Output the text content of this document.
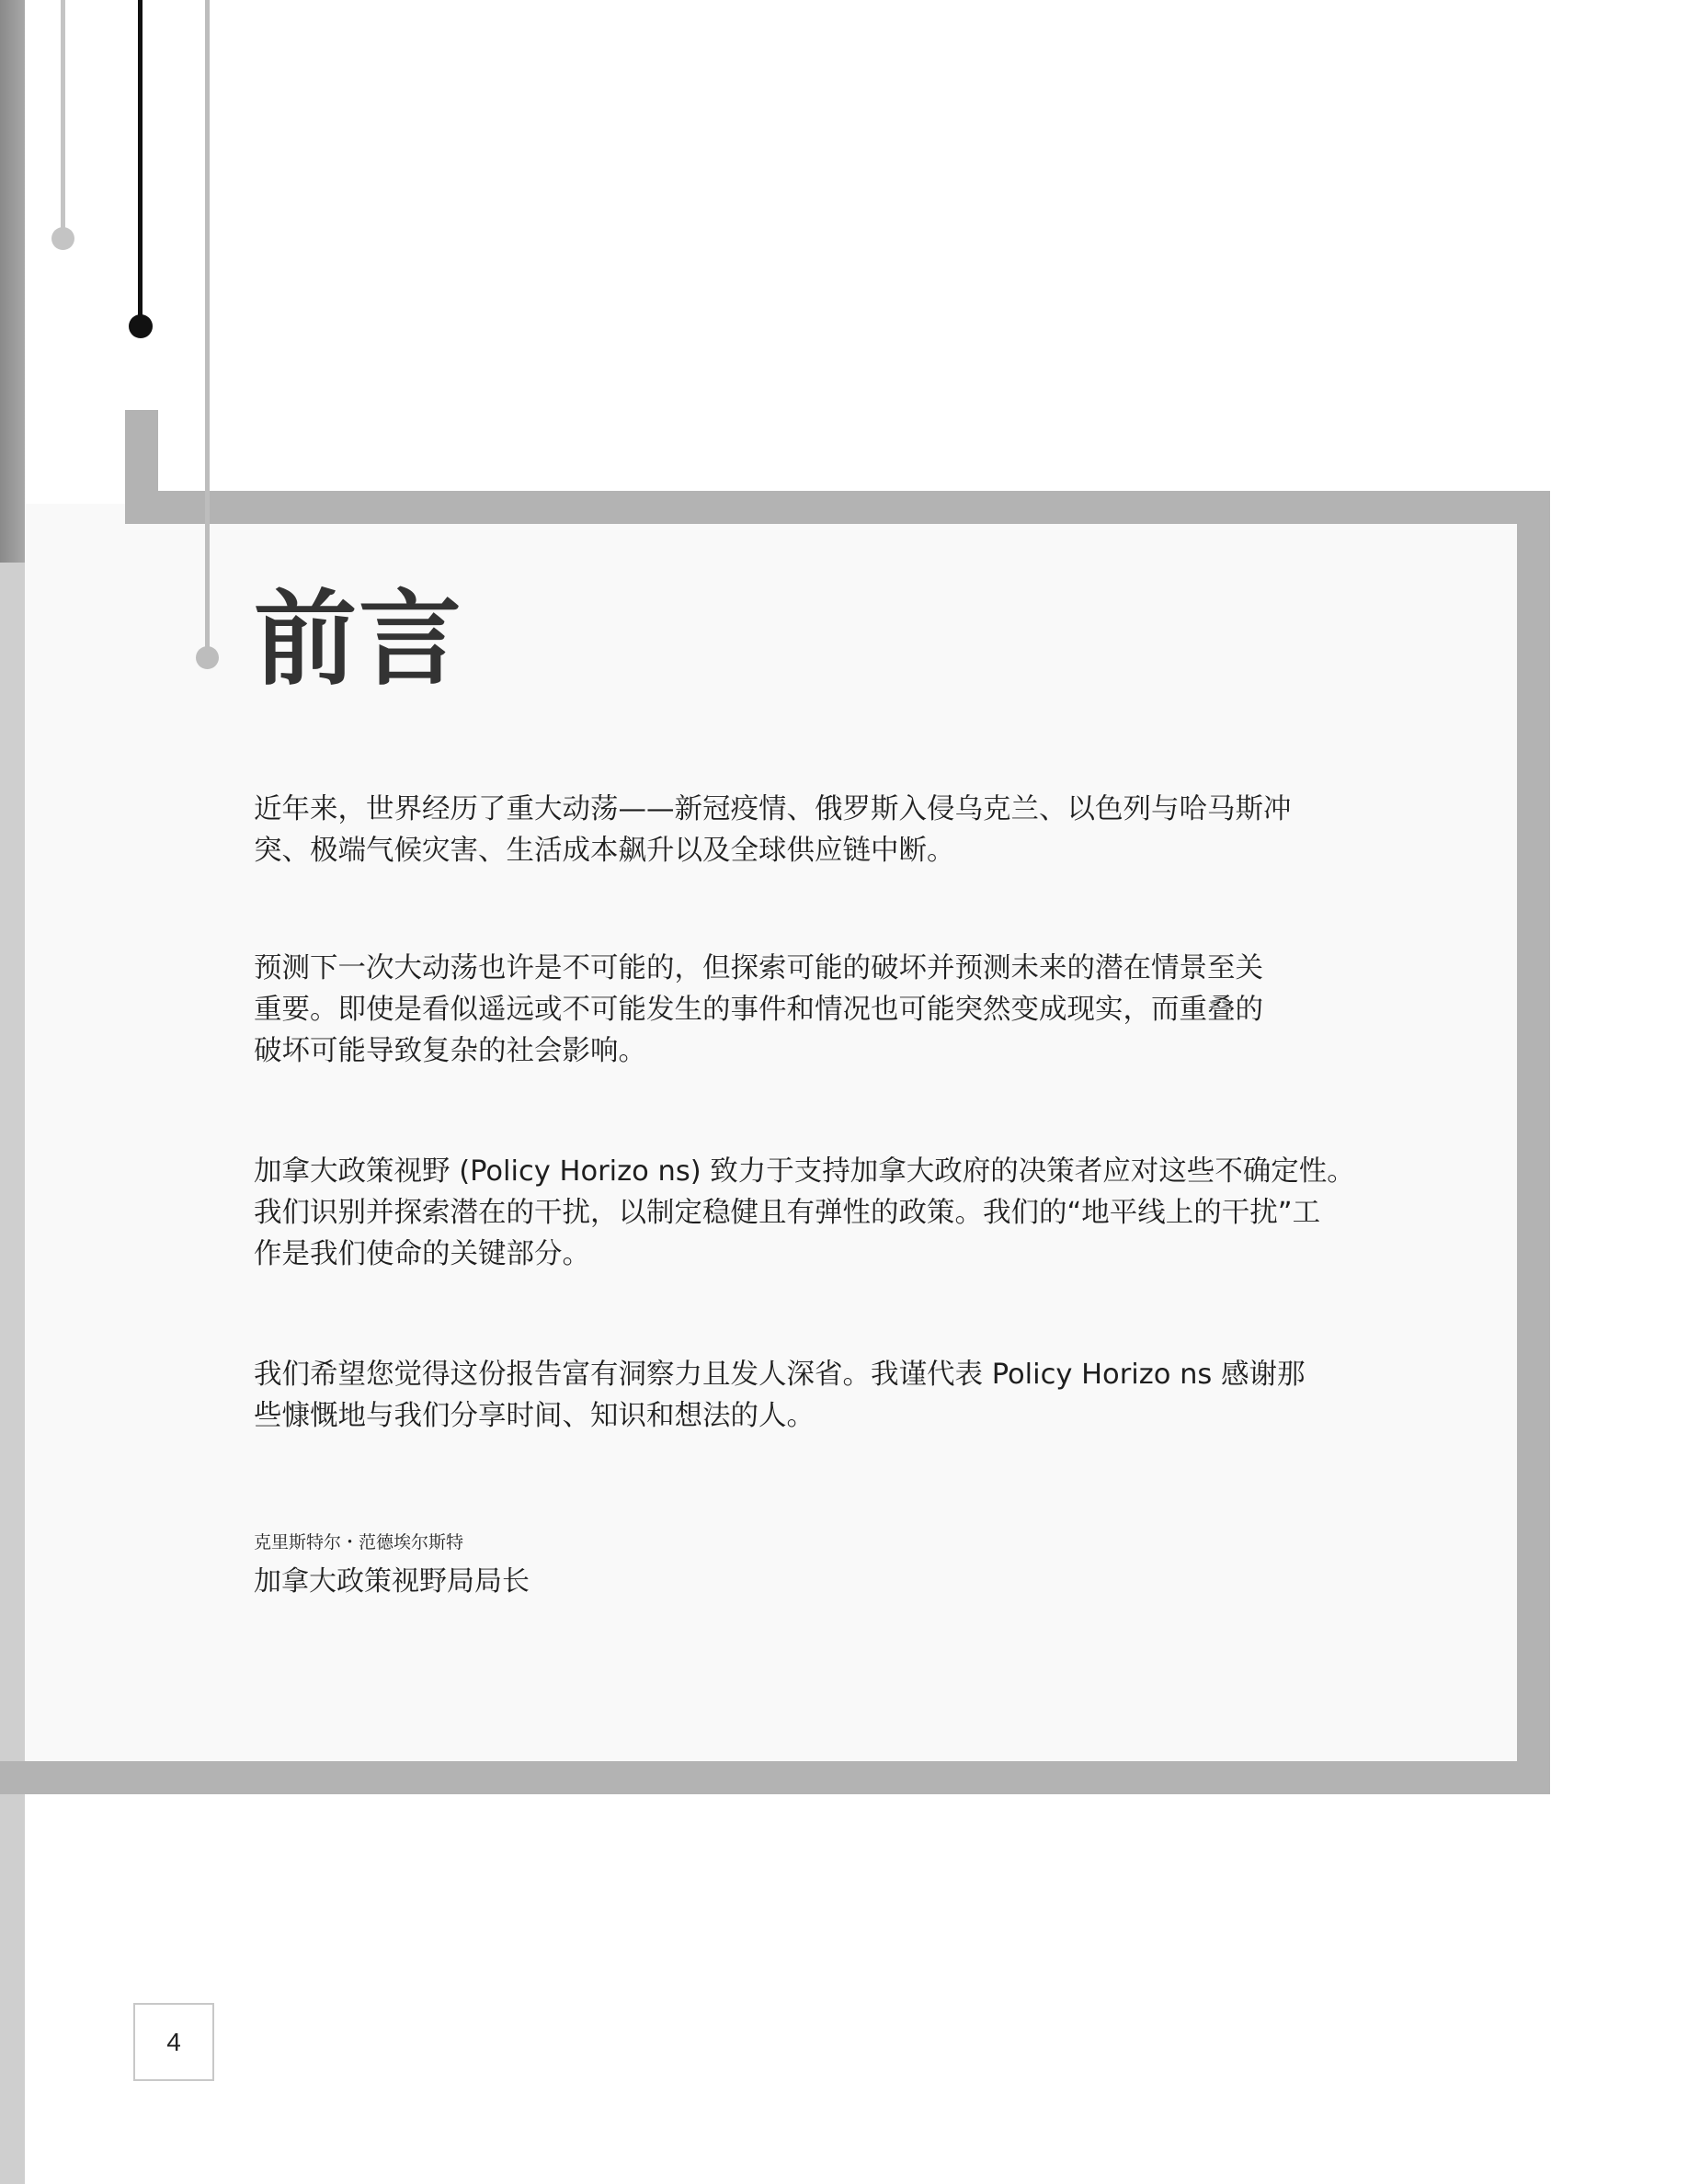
前言

近年来，世界经历了重大动荡——新冠疫情、俄罗斯入侵乌克兰、以色列与哈马斯冲
突、极端气候灾害、生活成本飙升以及全球供应链中断。

预测下一次大动荡也许是不可能的，但探索可能的破坏并预测未来的潜在情景至关
重要。即使是看似遥远或不可能发生的事件和情况也可能突然变成现实，而重叠的
破坏可能导致复杂的社会影响。

加拿大政策视野 (Policy Horizo ns) 致力于支持加拿大政府的决策者应对这些不确定性。
我们识别并探索潜在的干扰，以制定稳健且有弹性的政策。我们的“地平线上的干扰”工
作是我们使命的关键部分。

我们希望您觉得这份报告富有洞察力且发人深省。我谨代表 Policy Horizo ns 感谢那
些慷慨地与我们分享时间、知识和想法的人。

克里斯特尔・范德埃尔斯特
加拿大政策视野局局长
4
